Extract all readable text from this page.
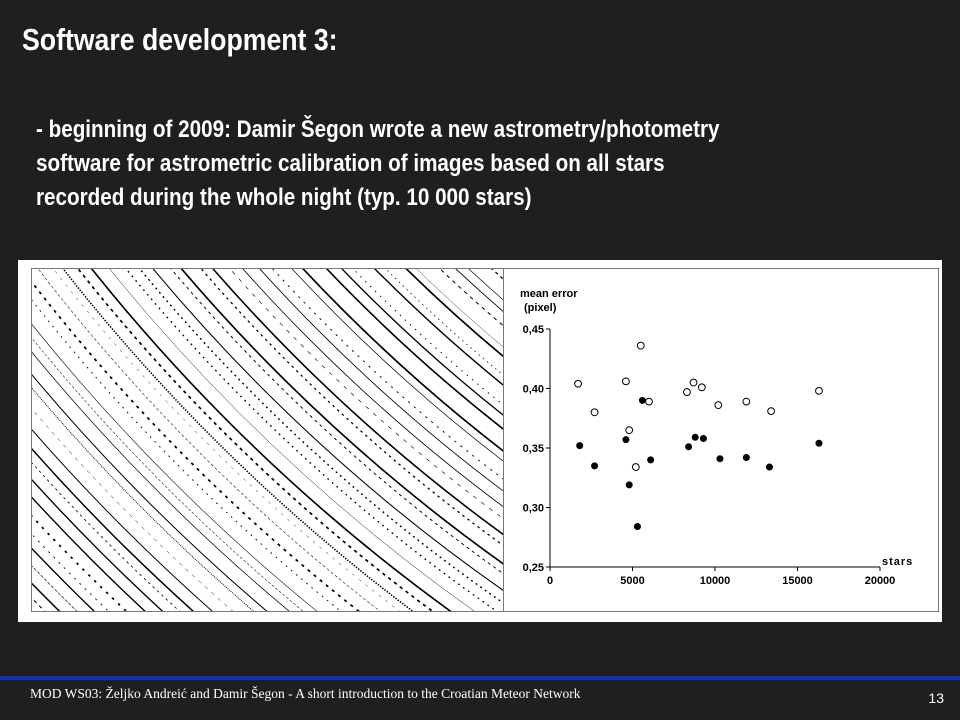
Software development 3:
- beginning of 2009: Damir Šegon wrote a new astrometry/photometry
software for astrometric calibration of images based on all stars
recorded during the whole night (typ. 10 000 stars)
mean error
(pixel)
stars
0,25
0,30
0,35
0,40
0,45
0	5000	10000	15000	20000
MOD WS03: Željko Andreić and Damir Šegon - A short introduction to the Croatian Meteor Network	13
